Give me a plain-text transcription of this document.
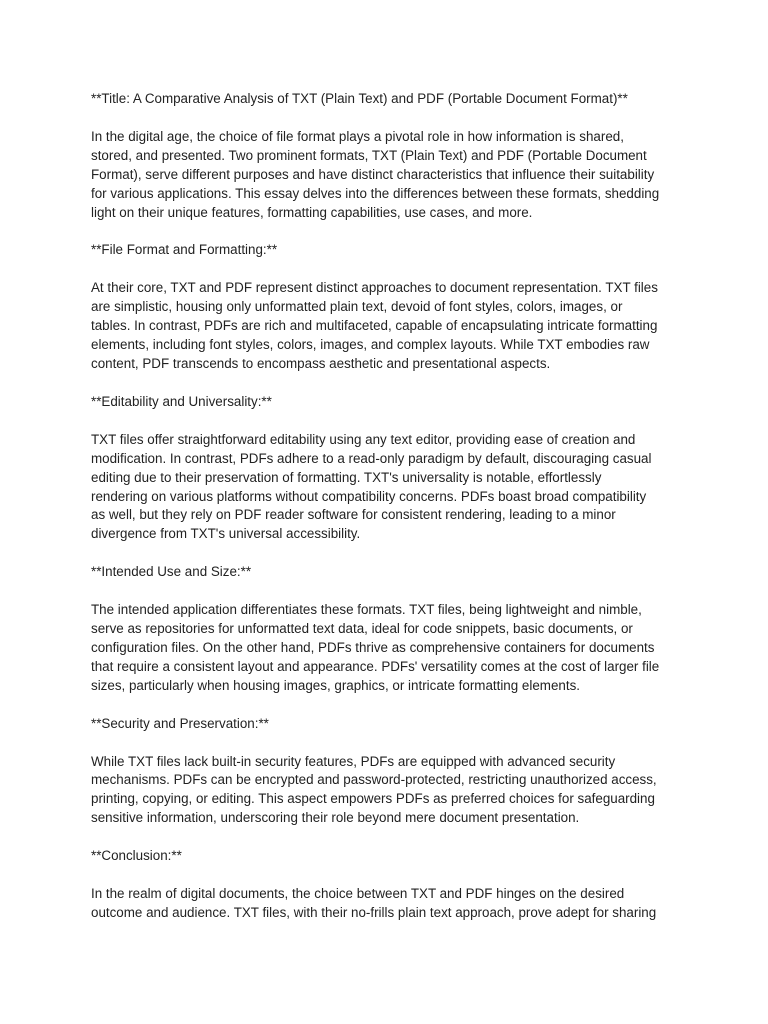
**Title: A Comparative Analysis of TXT (Plain Text) and PDF (Portable Document Format)**

In the digital age, the choice of file format plays a pivotal role in how information is shared,
stored, and presented. Two prominent formats, TXT (Plain Text) and PDF (Portable Document
Format), serve different purposes and have distinct characteristics that influence their suitability
for various applications. This essay delves into the differences between these formats, shedding
light on their unique features, formatting capabilities, use cases, and more.

**File Format and Formatting:**

At their core, TXT and PDF represent distinct approaches to document representation. TXT files
are simplistic, housing only unformatted plain text, devoid of font styles, colors, images, or
tables. In contrast, PDFs are rich and multifaceted, capable of encapsulating intricate formatting
elements, including font styles, colors, images, and complex layouts. While TXT embodies raw
content, PDF transcends to encompass aesthetic and presentational aspects.

**Editability and Universality:**

TXT files offer straightforward editability using any text editor, providing ease of creation and
modification. In contrast, PDFs adhere to a read-only paradigm by default, discouraging casual
editing due to their preservation of formatting. TXT's universality is notable, effortlessly
rendering on various platforms without compatibility concerns. PDFs boast broad compatibility
as well, but they rely on PDF reader software for consistent rendering, leading to a minor
divergence from TXT's universal accessibility.

**Intended Use and Size:**

The intended application differentiates these formats. TXT files, being lightweight and nimble,
serve as repositories for unformatted text data, ideal for code snippets, basic documents, or
configuration files. On the other hand, PDFs thrive as comprehensive containers for documents
that require a consistent layout and appearance. PDFs' versatility comes at the cost of larger file
sizes, particularly when housing images, graphics, or intricate formatting elements.

**Security and Preservation:**

While TXT files lack built-in security features, PDFs are equipped with advanced security
mechanisms. PDFs can be encrypted and password-protected, restricting unauthorized access,
printing, copying, or editing. This aspect empowers PDFs as preferred choices for safeguarding
sensitive information, underscoring their role beyond mere document presentation.

**Conclusion:**

In the realm of digital documents, the choice between TXT and PDF hinges on the desired
outcome and audience. TXT files, with their no-frills plain text approach, prove adept for sharing
